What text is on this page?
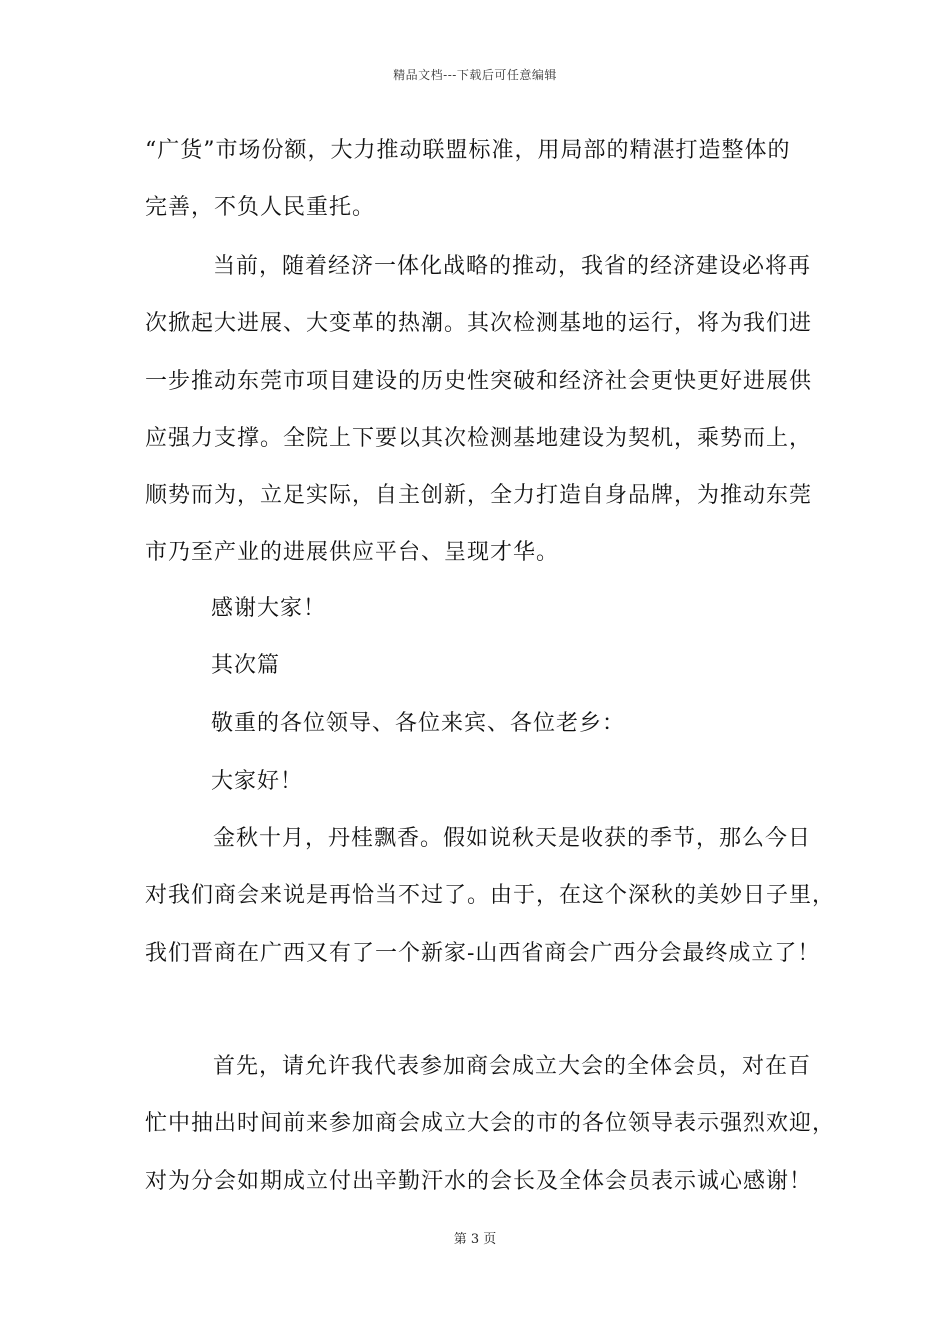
精品文档---下载后可任意编辑
“广货”市场份额，大力推动联盟标准，用局部的精湛打造整体的
完善，不负人民重托。
当前，随着经济一体化战略的推动，我省的经济建设必将再
次掀起大进展、大变革的热潮。其次检测基地的运行，将为我们进
一步推动东莞市项目建设的历史性突破和经济社会更快更好进展供
应强力支撑。全院上下要以其次检测基地建设为契机，乘势而上，
顺势而为，立足实际，自主创新，全力打造自身品牌，为推动东莞
市乃至产业的进展供应平台、呈现才华。
感谢大家！
其次篇
敬重的各位领导、各位来宾、各位老乡：
大家好！
金秋十月，丹桂飘香。假如说秋天是收获的季节，那么今日
对我们商会来说是再恰当不过了。由于，在这个深秋的美妙日子里，
我们晋商在广西又有了一个新家-山西省商会广西分会最终成立了！
首先，请允许我代表参加商会成立大会的全体会员，对在百
忙中抽出时间前来参加商会成立大会的市的各位领导表示强烈欢迎，
对为分会如期成立付出辛勤汗水的会长及全体会员表示诚心感谢！
第 3 页
